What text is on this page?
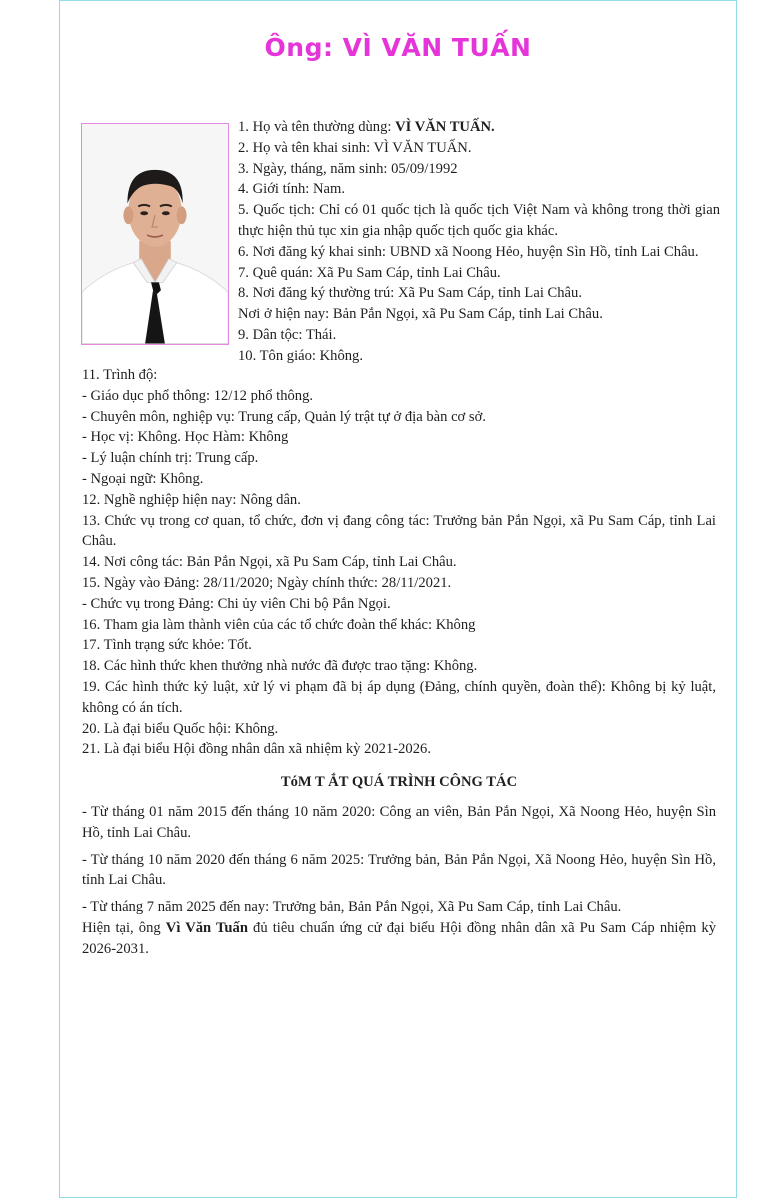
Ông: VÌ VĂN TUẤN
1. Họ và tên thường dùng: VÌ VĂN TUẤN.
2. Họ và tên khai sinh: VÌ VĂN TUẤN.
3. Ngày, tháng, năm sinh: 05/09/1992
4. Giới tính: Nam.
5. Quốc tịch: Chỉ có 01 quốc tịch là quốc tịch Việt Nam và không trong thời gian thực hiện thủ tục xin gia nhập quốc tịch quốc gia khác.
6. Nơi đăng ký khai sinh: UBND xã Noong Hẻo, huyện Sìn Hồ, tỉnh Lai Châu.
7. Quê quán: Xã Pu Sam Cáp, tỉnh Lai Châu.
8. Nơi đăng ký thường trú: Xã Pu Sam Cáp, tỉnh Lai Châu.
Nơi ở hiện nay: Bản Pắn Ngọi, xã Pu Sam Cáp, tỉnh Lai Châu.
9. Dân tộc: Thái.
10. Tôn giáo: Không.
11. Trình độ:
- Giáo dục phổ thông: 12/12 phổ thông.
- Chuyên môn, nghiệp vụ: Trung cấp, Quản lý trật tự ở địa bàn cơ sở.
- Học vị: Không. Học Hàm: Không
- Lý luận chính trị: Trung cấp.
- Ngoại ngữ: Không.
12. Nghề nghiệp hiện nay: Nông dân.
13. Chức vụ trong cơ quan, tổ chức, đơn vị đang công tác: Trưởng bản Pắn Ngọi, xã Pu Sam Cáp, tỉnh Lai Châu.
14. Nơi công tác: Bản Pắn Ngọi, xã Pu Sam Cáp, tỉnh Lai Châu.
15. Ngày vào Đảng: 28/11/2020; Ngày chính thức: 28/11/2021.
- Chức vụ trong Đảng: Chi ủy viên Chi bộ Pắn Ngọi.
16. Tham gia làm thành viên của các tổ chức đoàn thể khác: Không
17. Tình trạng sức khỏe: Tốt.
18. Các hình thức khen thưởng nhà nước đã được trao tặng: Không.
19. Các hình thức kỷ luật, xử lý vi phạm đã bị áp dụng (Đảng, chính quyền, đoàn thể): Không bị kỷ luật, không có án tích.
20. Là đại biểu Quốc hội: Không.
21. Là đại biểu Hội đồng nhân dân xã nhiệm kỳ 2021-2026.
TóM T ẮT QUÁ TRÌNH CÔNG TÁC
- Từ tháng 01 năm 2015 đến tháng 10 năm 2020: Công an viên, Bản Pắn Ngọi, Xã Noong Hẻo, huyện Sìn Hồ, tỉnh Lai Châu.
- Từ tháng 10 năm 2020 đến tháng 6 năm 2025: Trưởng bản, Bản Pắn Ngọi, Xã Noong Hẻo, huyện Sìn Hồ, tỉnh Lai Châu.
- Từ tháng 7 năm 2025 đến nay: Trưởng bản, Bản Pắn Ngọi, Xã Pu Sam Cáp, tỉnh Lai Châu.
Hiện tại, ông Vì Văn Tuấn đủ tiêu chuẩn ứng cử đại biểu Hội đồng nhân dân xã Pu Sam Cáp nhiệm kỳ 2026-2031.
